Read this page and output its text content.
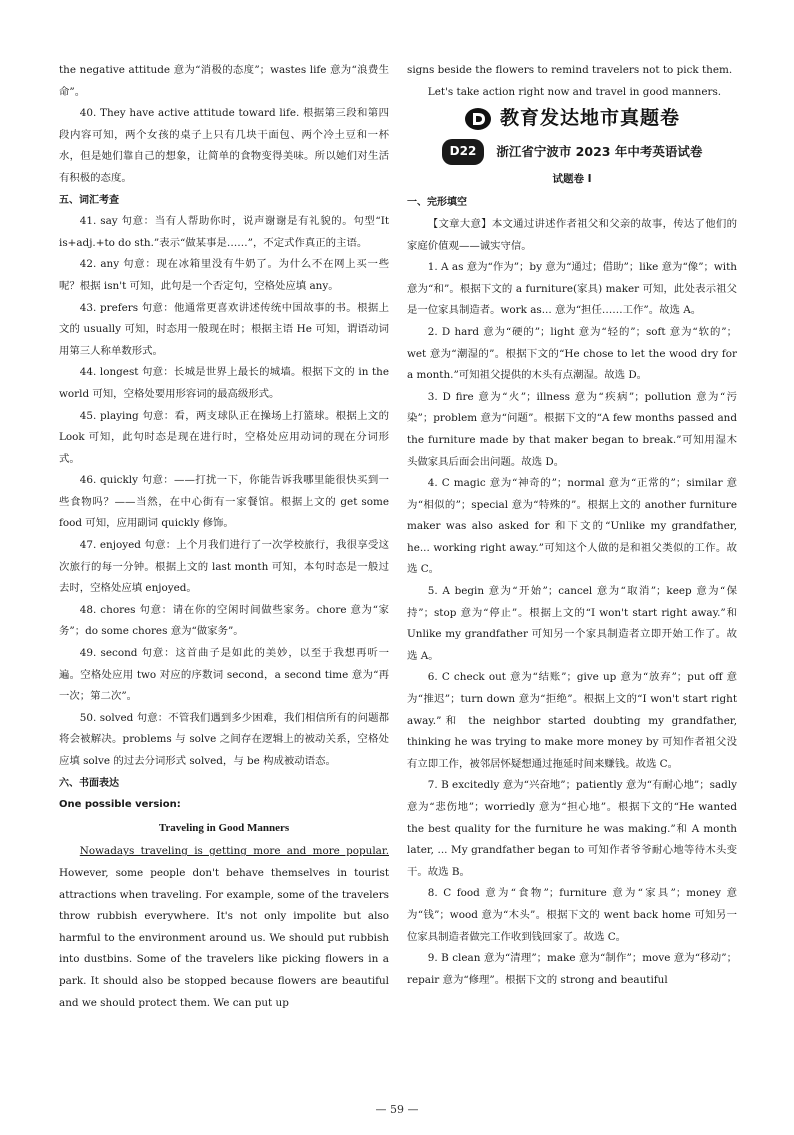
the negative attitude 意为“消极的态度”；wastes life 意为“浪费生命”。

40. They have active attitude toward life. 根据第三段和第四段内容可知，两个女孩的桌子上只有几块干面包、两个冷土豆和一杯水，但是她们靠自己的想象，让简单的食物变得美味。所以她们对生活有积极的态度。

五、词汇考查

41. say 句意：当有人帮助你时，说声谢谢是有礼貌的。句型“It is+adj.+to do sth.”表示“做某事是……”，不定式作真正的主语。

42. any 句意：现在冰箱里没有牛奶了。为什么不在网上买一些呢？根据 isn't 可知，此句是一个否定句，空格处应填 any。

43. prefers 句意：他通常更喜欢讲述传统中国故事的书。根据上文的 usually 可知，时态用一般现在时；根据主语 He 可知，谓语动词用第三人称单数形式。

44. longest 句意：长城是世界上最长的城墙。根据下文的 in the world 可知，空格处要用形容词的最高级形式。

45. playing 句意：看，两支球队正在操场上打篮球。根据上文的 Look 可知，此句时态是现在进行时，空格处应用动词的现在分词形式。

46. quickly 句意：——打扰一下，你能告诉我哪里能很快买到一些食物吗？——当然，在中心街有一家餐馆。根据上文的 get some food 可知，应用副词 quickly 修饰。

47. enjoyed 句意：上个月我们进行了一次学校旅行，我很享受这次旅行的每一分钟。根据上文的 last month 可知，本句时态是一般过去时，空格处应填 enjoyed。

48. chores 句意：请在你的空闲时间做些家务。chore 意为“家务”；do some chores 意为“做家务”。

49. second 句意：这首曲子是如此的美妙，以至于我想再听一遍。空格处应用 two 对应的序数词 second，a second time 意为“再一次；第二次”。

50. solved 句意：不管我们遇到多少困难，我们相信所有的问题都将会被解决。problems 与 solve 之间存在逻辑上的被动关系，空格处应填 solve 的过去分词形式 solved，与 be 构成被动语态。

六、书面表达

One possible version:

Traveling in Good Manners

Nowadays traveling is getting more and more popular. However, some people don't behave themselves in tourist attractions when traveling. For example, some of the travelers throw rubbish everywhere. It's not only impolite but also harmful to the environment around us. We should put rubbish into dustbins. Some of the travelers like picking flowers in a park. It should also be stopped because flowers are beautiful and we should protect them. We can put up

signs beside the flowers to remind travelers not to pick them.

Let's take action right now and travel in good manners.

教育发达地市真题卷
D22	浙江省宁波市 2023 年中考英语试卷

试题卷 Ⅰ

一、完形填空

【文章大意】本文通过讲述作者祖父和父亲的故事，传达了他们的家庭价值观——诚实守信。

1. A as 意为“作为”；by 意为“通过；借助”；like 意为“像”；with 意为“和”。根据下文的 a furniture(家具) maker 可知，此处表示祖父是一位家具制造者。work as... 意为“担任……工作”。故选 A。

2. D hard 意为“硬的”；light 意为“轻的”；soft 意为“软的”；wet 意为“潮湿的”。根据下文的“He chose to let the wood dry for a month.”可知祖父提供的木头有点潮湿。故选 D。

3. D fire 意为“火”；illness 意为“疾病”；pollution 意为“污染”；problem 意为“问题”。根据下文的“A few months passed and the furniture made by that maker began to break.”可知用湿木头做家具后面会出问题。故选 D。

4. C magic 意为“神奇的”；normal 意为“正常的”；similar 意为“相似的”；special 意为“特殊的”。根据上文的 another furniture maker was also asked for 和下文的“Unlike my grandfather, he... working right away.”可知这个人做的是和祖父类似的工作。故选 C。

5. A begin 意为“开始”；cancel 意为“取消”；keep 意为“保持”；stop 意为“停止”。根据上文的“I won't start right away.”和 Unlike my grandfather 可知另一个家具制造者立即开始工作了。故选 A。

6. C check out 意为“结账”；give up 意为“放弃”；put off 意为“推迟”；turn down 意为“拒绝”。根据上文的“I won't start right away.”和 the neighbor started doubting my grandfather, thinking he was trying to make more money by 可知作者祖父没有立即工作，被邻居怀疑想通过拖延时间来赚钱。故选 C。

7. B excitedly 意为“兴奋地”；patiently 意为“有耐心地”；sadly 意为“悲伤地”；worriedly 意为“担心地”。根据下文的“He wanted the best quality for the furniture he was making.”和 A month later, ... My grandfather began to 可知作者爷爷耐心地等待木头变干。故选 B。

8. C food 意为“食物”；furniture 意为“家具”；money 意为“钱”；wood 意为“木头”。根据下文的 went back home 可知另一位家具制造者做完工作收到钱回家了。故选 C。

9. B clean 意为“清理”；make 意为“制作”；move 意为“移动”；repair 意为“修理”。根据下文的 strong and beautiful

— 59 —
